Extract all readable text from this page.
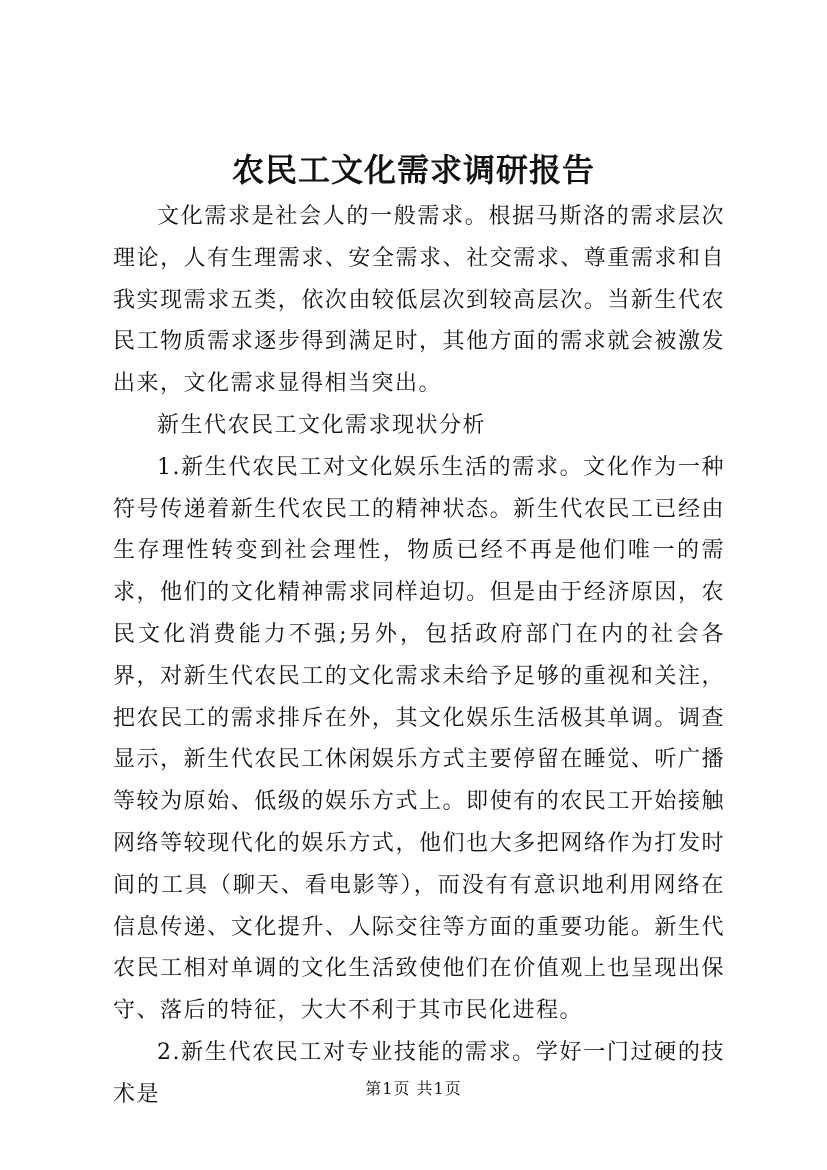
农民工文化需求调研报告

文化需求是社会人的一般需求。根据马斯洛的需求层次理论，人有生理需求、安全需求、社交需求、尊重需求和自我实现需求五类，依次由较低层次到较高层次。当新生代农民工物质需求逐步得到满足时，其他方面的需求就会被激发出来，文化需求显得相当突出。

新生代农民工文化需求现状分析

1.新生代农民工对文化娱乐生活的需求。文化作为一种符号传递着新生代农民工的精神状态。新生代农民工已经由生存理性转变到社会理性，物质已经不再是他们唯一的需求，他们的文化精神需求同样迫切。但是由于经济原因，农民文化消费能力不强;另外，包括政府部门在内的社会各界，对新生代农民工的文化需求未给予足够的重视和关注，把农民工的需求排斥在外，其文化娱乐生活极其单调。调查显示，新生代农民工休闲娱乐方式主要停留在睡觉、听广播等较为原始、低级的娱乐方式上。即使有的农民工开始接触网络等较现代化的娱乐方式，他们也大多把网络作为打发时间的工具（聊天、看电影等），而没有有意识地利用网络在信息传递、文化提升、人际交往等方面的重要功能。新生代农民工相对单调的文化生活致使他们在价值观上也呈现出保守、落后的特征，大大不利于其市民化进程。

2.新生代农民工对专业技能的需求。学好一门过硬的技术是	第1页 共1页
